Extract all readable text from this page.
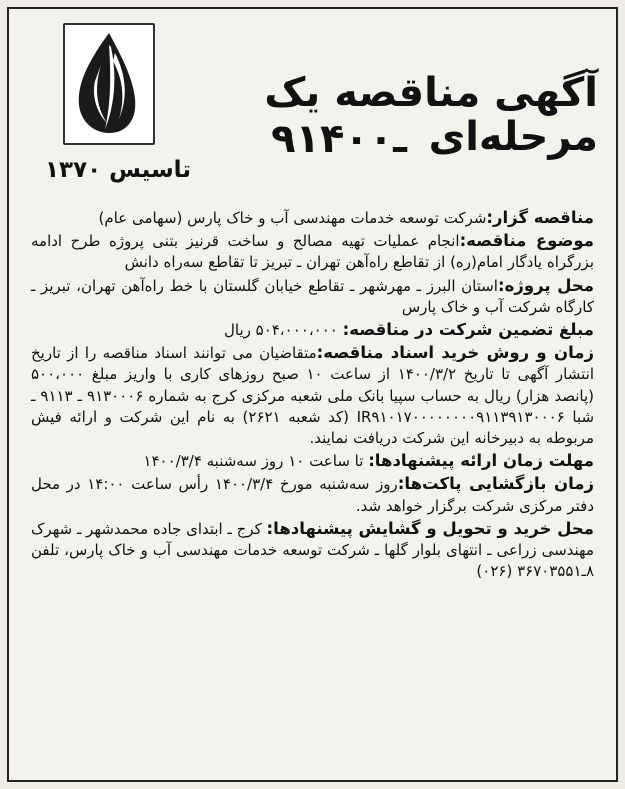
آگهی مناقصه یک مرحله‌ای
۹ـ۱۴۰۰
تاسیس ۱۳۷۰

مناقصه گزار:شرکت توسعه خدمات مهندسی آب و خاک پارس (سهامی عام)

موضوع مناقصه:انجام عملیات تهیه مصالح و ساخت قرنیز بتنی پروژه طرح ادامه بزرگراه یادگار امام(ره) از تقاطع راه‌آهن تهران ـ تبریز تا تقاطع سه‌راه دانش

محل پروژه:استان البرز ـ مهرشهر ـ تقاطع خیابان گلستان با خط راه‌آهن تهران، تبریز ـ کارگاه شرکت آب و خاک پارس

مبلغ تضمین شرکت در مناقصه: ۵۰۴،۰۰۰،۰۰۰ ریال

زمان و روش خرید اسناد مناقصه:متقاضیان می توانند اسناد مناقصه را از تاریخ انتشار آگهی تا تاریخ ۱۴۰۰/۳/۲ از ساعت ۱۰ صبح روزهای کاری با واریز مبلغ ۵۰۰،۰۰۰ (پانصد هزار) ریال به حساب سپیا بانک ملی شعبه مرکزی کرج به شماره ۹۱۳۰۰۰۶ ـ ۹۱۱۳ ـ شبا IR۹۱۰۱۷۰۰۰۰۰۰۰۰۹۱۱۳۹۱۳۰۰۰۶ (کد شعبه ۲۶۲۱) به نام این شرکت و ارائه فیش مربوطه به دبیرخانه این شرکت دریافت نمایند.

مهلت زمان ارائه پیشنهادها: تا ساعت ۱۰ روز سه‌شنبه ۱۴۰۰/۳/۴

زمان بازگشایی پاکت‌ها:روز سه‌شنبه مورخ ۱۴۰۰/۳/۴ رأس ساعت ۱۴:۰۰ در محل دفتر مرکزی شرکت برگزار خواهد شد.

محل خرید و تحویل و گشایش پیشنهادها: کرج ـ ابتدای جاده محمدشهر ـ شهرک مهندسی زراعی ـ انتهای بلوار گلها ـ شرکت توسعه خدمات مهندسی آب و خاک پارس، تلفن ۸ـ۳۶۷۰۳۵۵۱ (۰۲۶)
